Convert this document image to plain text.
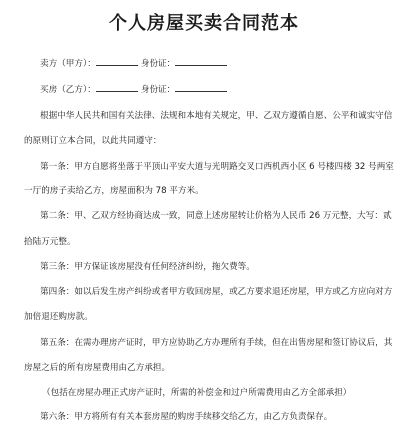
个人房屋买卖合同范本
卖方（甲方）：	身份证：
买房（乙方）：	身份证：
根据中华人民共和国有关法律、法规和本地有关规定，甲、乙双方遵循自愿、公平和诚实守信
的原则订立本合同，以此共同遵守：
第一条：甲方自愿将坐落于平顶山平安大道与光明路交叉口西机西小区 6 号楼四楼 32 号两室
一厅的房子卖给乙方，房屋面积为 78 平方米。
第二条：甲、乙双方经协商达成一致，同意上述房屋转让价格为人民币 26 万元整，大写：贰
拾陆万元整。
第三条：甲方保证该房屋没有任何经济纠纷，拖欠费等。
第四条：如以后发生房产纠纷或者甲方收回房屋，或乙方要求退还房屋，甲方或乙方应向对方
加倍退还购房款。
第五条：在需办理房产证时，甲方应协助乙方办理所有手续，但在出售房屋和签订协议后，其
房屋之后的所有房屋费用由乙方承担。
（包括在房屋办理正式房产证时，所需的补偿金和过户所需费用由乙方全部承担）
第六条：甲方将所有有关本套房屋的购房手续移交给乙方，由乙方负责保存。
